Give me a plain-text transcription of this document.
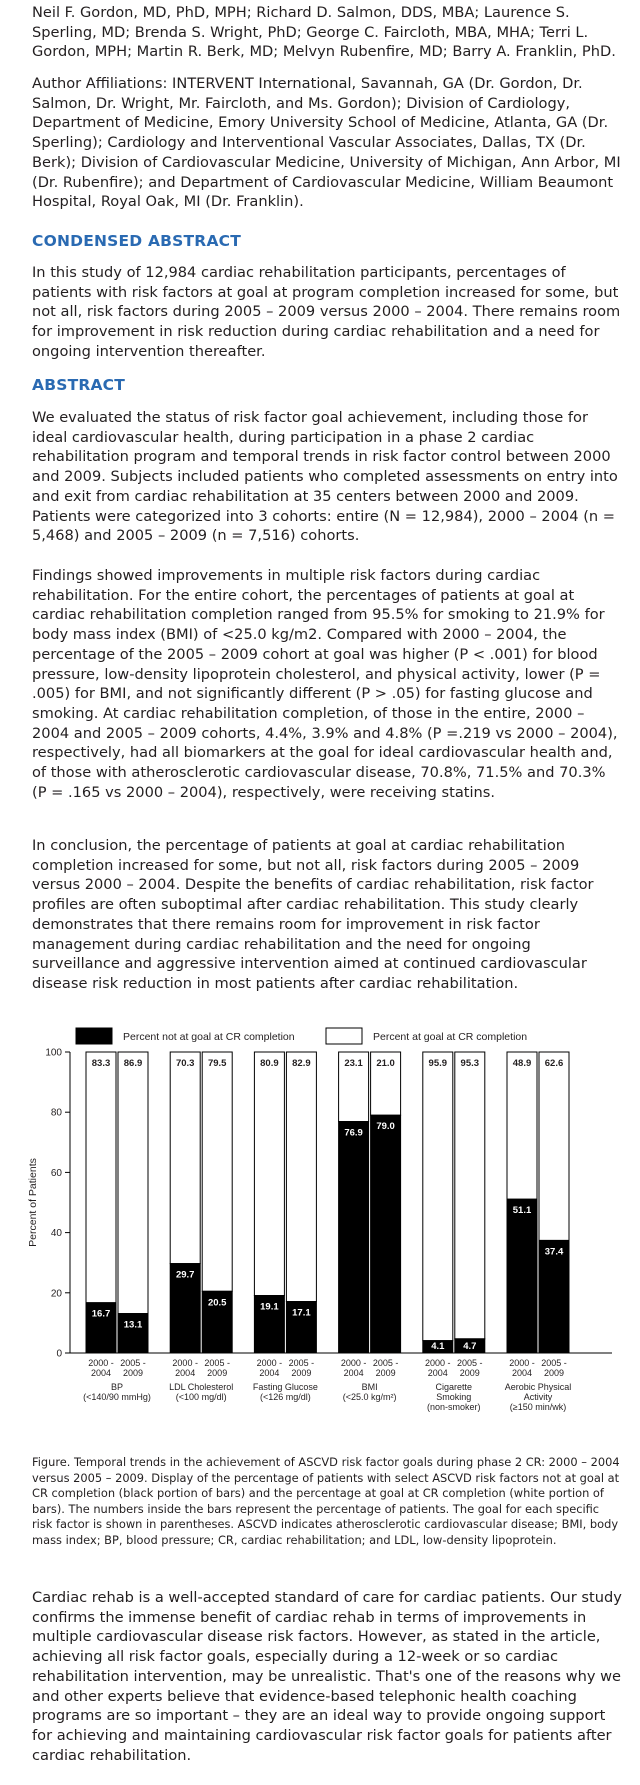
Neil F. Gordon, MD, PhD, MPH; Richard D. Salmon, DDS, MBA; Laurence S. Sperling, MD; Brenda S. Wright, PhD; George C. Faircloth, MBA, MHA; Terri L. Gordon, MPH; Martin R. Berk, MD; Melvyn Rubenfire, MD; Barry A. Franklin, PhD.

Author Affiliations: INTERVENT International, Savannah, GA (Dr. Gordon, Dr. Salmon, Dr. Wright, Mr. Faircloth, and Ms. Gordon); Division of Cardiology, Department of Medicine, Emory University School of Medicine, Atlanta, GA (Dr. Sperling); Cardiology and Interventional Vascular Associates, Dallas, TX (Dr. Berk); Division of Cardiovascular Medicine, University of Michigan, Ann Arbor, MI (Dr. Rubenfire); and Department of Cardiovascular Medicine, William Beaumont Hospital, Royal Oak, MI (Dr. Franklin).

CONDENSED ABSTRACT

In this study of 12,984 cardiac rehabilitation participants, percentages of patients with risk factors at goal at program completion increased for some, but not all, risk factors during 2005 – 2009 versus 2000 – 2004. There remains room for improvement in risk reduction during cardiac rehabilitation and a need for ongoing intervention thereafter.

ABSTRACT

We evaluated the status of risk factor goal achievement, including those for ideal cardiovascular health, during participation in a phase 2 cardiac rehabilitation program and temporal trends in risk factor control between 2000 and 2009. Subjects included patients who completed assessments on entry into and exit from cardiac rehabilitation at 35 centers between 2000 and 2009. Patients were categorized into 3 cohorts: entire (N = 12,984), 2000 – 2004 (n = 5,468) and 2005 – 2009 (n = 7,516) cohorts.

Findings showed improvements in multiple risk factors during cardiac rehabilitation. For the entire cohort, the percentages of patients at goal at cardiac rehabilitation completion ranged from 95.5% for smoking to 21.9% for body mass index (BMI) of <25.0 kg/m2. Compared with 2000 – 2004, the percentage of the 2005 – 2009 cohort at goal was higher (P < .001) for blood pressure, low-density lipoprotein cholesterol, and physical activity, lower (P = .005) for BMI, and not significantly different (P > .05) for fasting glucose and smoking. At cardiac rehabilitation completion, of those in the entire, 2000 – 2004 and 2005 – 2009 cohorts, 4.4%, 3.9% and 4.8% (P =.219 vs 2000 – 2004), respectively, had all biomarkers at the goal for ideal cardiovascular health and, of those with atherosclerotic cardiovascular disease, 70.8%, 71.5% and 70.3% (P = .165 vs 2000 – 2004), respectively, were receiving statins.

In conclusion, the percentage of patients at goal at cardiac rehabilitation completion increased for some, but not all, risk factors during 2005 – 2009 versus 2000 – 2004. Despite the benefits of cardiac rehabilitation, risk factor profiles are often suboptimal after cardiac rehabilitation. This study clearly demonstrates that there remains room for improvement in risk factor management during cardiac rehabilitation and the need for ongoing surveillance and aggressive intervention aimed at continued cardiovascular disease risk reduction in most patients after cardiac rehabilitation.

Percent not at goal at CR completion	Percent at goal at CR completion
0
20
40
60
80
100
Percent of Patients
83.3
16.7
2000 -
2004
86.9
13.1
2005 -
2009
BP
(<140/90 mmHg)
70.3
29.7
2000 -
2004
79.5
20.5
2005 -
2009
LDL Cholesterol
(<100 mg/dl)
80.9
19.1
2000 -
2004
82.9
17.1
2005 -
2009
Fasting Glucose
(<126 mg/dl)
23.1
76.9
2000 -
2004
21.0
79.0
2005 -
2009
BMI
(<25.0 kg/m²)
95.9
4.1
2000 -
2004
95.3
4.7
2005 -
2009
Cigarette
Smoking
(non-smoker)
48.9
51.1
2000 -
2004
62.6
37.4
2005 -
2009
Aerobic Physical
Activity
(≥150 min/wk)

Figure. Temporal trends in the achievement of ASCVD risk factor goals during phase 2 CR: 2000 – 2004 versus 2005 – 2009. Display of the percentage of patients with select ASCVD risk factors not at goal at CR completion (black portion of bars) and the percentage at goal at CR completion (white portion of bars). The numbers inside the bars represent the percentage of patients. The goal for each specific risk factor is shown in parentheses. ASCVD indicates atherosclerotic cardiovascular disease; BMI, body mass index; BP, blood pressure; CR, cardiac rehabilitation; and LDL, low-density lipoprotein.

Cardiac rehab is a well-accepted standard of care for cardiac patients. Our study confirms the immense benefit of cardiac rehab in terms of improvements in multiple cardiovascular disease risk factors. However, as stated in the article, achieving all risk factor goals, especially during a 12-week or so cardiac rehabilitation intervention, may be unrealistic. That's one of the reasons why we and other experts believe that evidence-based telephonic health coaching programs are so important – they are an ideal way to provide ongoing support for achieving and maintaining cardiovascular risk factor goals for patients after cardiac rehabilitation.
